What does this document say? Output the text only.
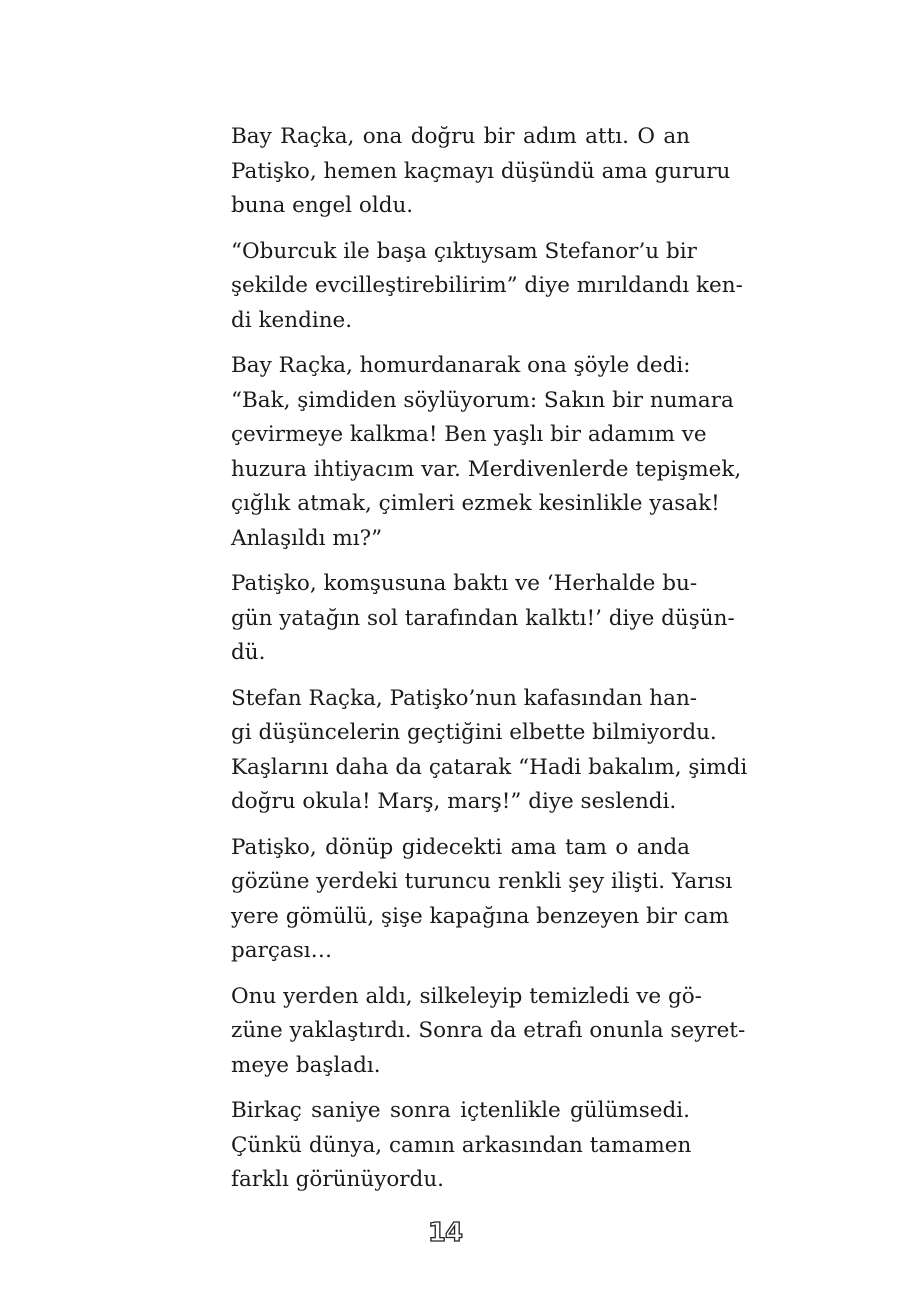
Bay Raçka, ona doğru bir adım attı. O an
Patişko, hemen kaçmayı düşündü ama gururu
buna engel oldu.
“Oburcuk ile başa çıktıysam Stefanor’u bir
şekilde evcilleştirebilirim” diye mırıldandı ken-
di kendine.
Bay Raçka, homurdanarak ona şöyle dedi:
“Bak, şimdiden söylüyorum: Sakın bir numara
çevirmeye kalkma! Ben yaşlı bir adamım ve
huzura ihtiyacım var. Merdivenlerde tepişmek,
çığlık atmak, çimleri ezmek kesinlikle yasak!
Anlaşıldı mı?”
Patişko, komşusuna baktı ve ‘Herhalde bu-
gün yatağın sol tarafından kalktı!’ diye düşün-
dü.
Stefan Raçka, Patişko’nun kafasından han-
gi düşüncelerin geçtiğini elbette bilmiyordu.
Kaşlarını daha da çatarak “Hadi bakalım, şimdi
doğru okula! Marş, marş!” diye seslendi.
Patişko, dönüp gidecekti ama tam o anda
gözüne yerdeki turuncu renkli şey ilişti. Yarısı
yere gömülü, şişe kapağına benzeyen bir cam
parçası…
Onu yerden aldı, silkeleyip temizledi ve gö-
züne yaklaştırdı. Sonra da etrafı onunla seyret-
meye başladı.
Birkaç saniye sonra içtenlikle gülümsedi.
Çünkü dünya, camın arkasından tamamen
farklı görünüyordu.
14
